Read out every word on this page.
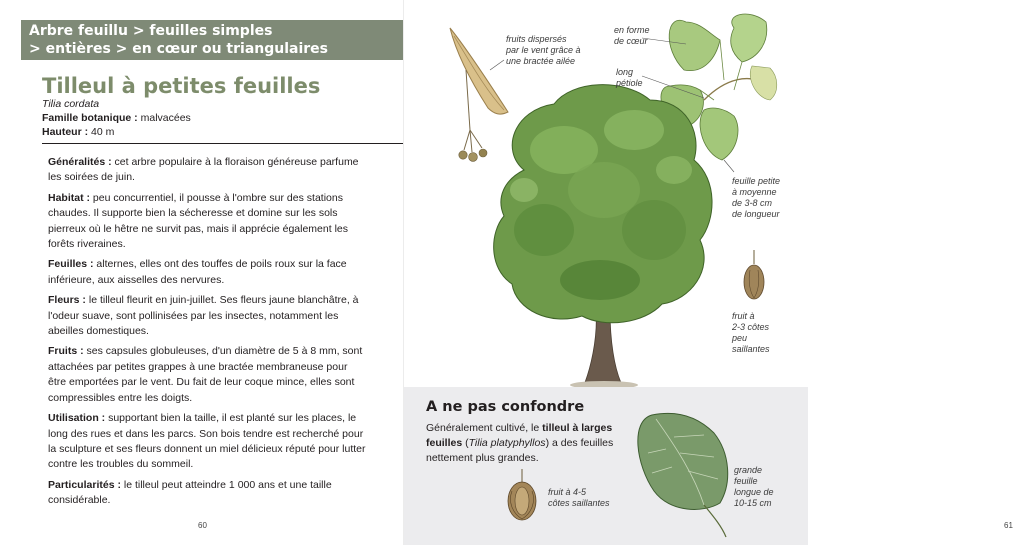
Arbre feuillu > feuilles simples
> entières > en cœur ou triangulaires
Tilleul à petites feuilles
Tilia cordata
Famille botanique : malvacées
Hauteur : 40 m

Généralités : cet arbre populaire à la floraison généreuse parfume les soirées de juin.

Habitat : peu concurrentiel, il pousse à l'ombre sur des stations chaudes. Il supporte bien la sécheresse et domine sur les sols pierreux où le hêtre ne survit pas, mais il apprécie également les forêts riveraines.

Feuilles : alternes, elles ont des touffes de poils roux sur la face inférieure, aux aisselles des nervures.

Fleurs : le tilleul fleurit en juin-juillet. Ses fleurs jaune blanchâtre, à l'odeur suave, sont pollinisées par les insectes, notamment les abeilles domestiques.

Fruits : ses capsules globuleuses, d'un diamètre de 5 à 8 mm, sont attachées par petites grappes à une bractée membraneuse pour être emportées par le vent. Du fait de leur coque mince, elles sont compressibles entre les doigts.

Utilisation : supportant bien la taille, il est planté sur les places, le long des rues et dans les parcs. Son bois tendre est recherché pour la sculpture et ses fleurs donnent un miel délicieux réputé pour lutter contre les troubles du sommeil.

Particularités : le tilleul peut atteindre 1 000 ans et une taille considérable.

60
fruits dispersés
par le vent grâce à
une bractée ailée
en forme
de cœur
long
pétiole
feuille petite
à moyenne
de 3-8 cm
de longueur
fruit à
2-3 côtes
peu
saillantes
61
A ne pas confondre
Généralement cultivé, le tilleul à larges feuilles (Tilia platyphyllos) a des feuilles nettement plus grandes.
fruit à 4-5
côtes saillantes
grande
feuille
longue de
10-15 cm
